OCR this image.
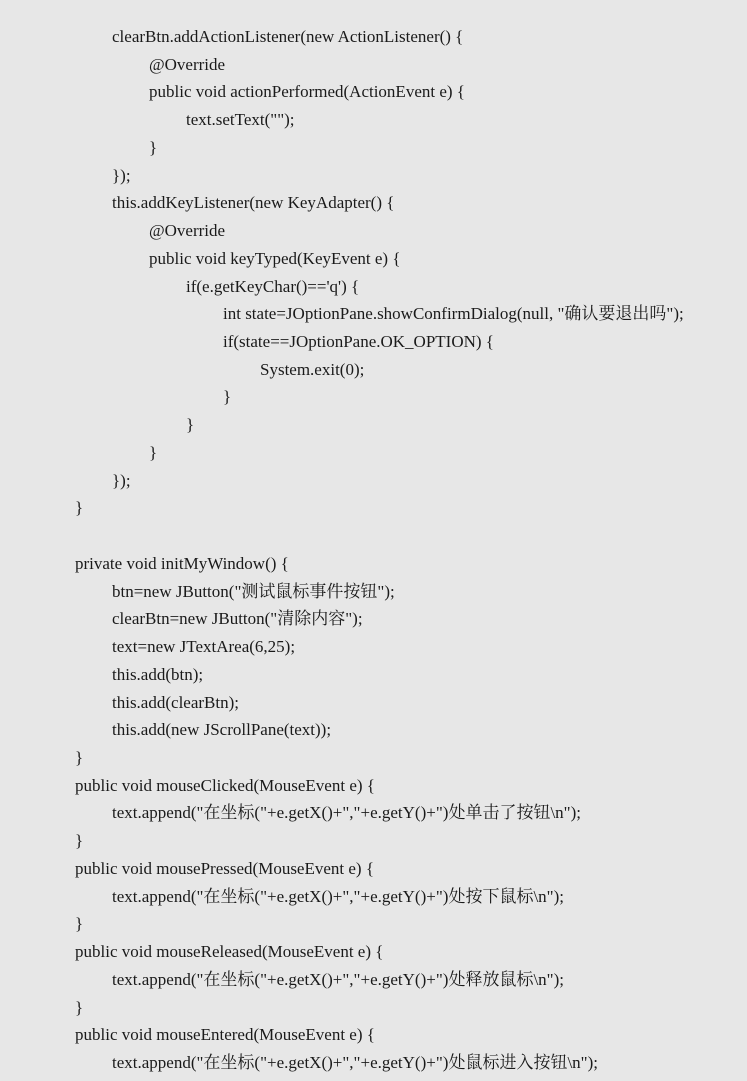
clearBtn.addActionListener(new ActionListener() {
@Override
public void actionPerformed(ActionEvent e) {
text.setText("");
}
});
this.addKeyListener(new KeyAdapter() {
@Override
public void keyTyped(KeyEvent e) {
if(e.getKeyChar()=='q') {
int state=JOptionPane.showConfirmDialog(null, "确认要退出吗");
if(state==JOptionPane.OK_OPTION) {
System.exit(0);
}
}
}
});
}
private void initMyWindow() {
btn=new JButton("测试鼠标事件按钮");
clearBtn=new JButton("清除内容");
text=new JTextArea(6,25);
this.add(btn);
this.add(clearBtn);
this.add(new JScrollPane(text));
}
public void mouseClicked(MouseEvent e) {
text.append("在坐标("+e.getX()+","+e.getY()+")处单击了按钮\n");
}
public void mousePressed(MouseEvent e) {
text.append("在坐标("+e.getX()+","+e.getY()+")处按下鼠标\n");
}
public void mouseReleased(MouseEvent e) {
text.append("在坐标("+e.getX()+","+e.getY()+")处释放鼠标\n");
}
public void mouseEntered(MouseEvent e) {
text.append("在坐标("+e.getX()+","+e.getY()+")处鼠标进入按钮\n");
